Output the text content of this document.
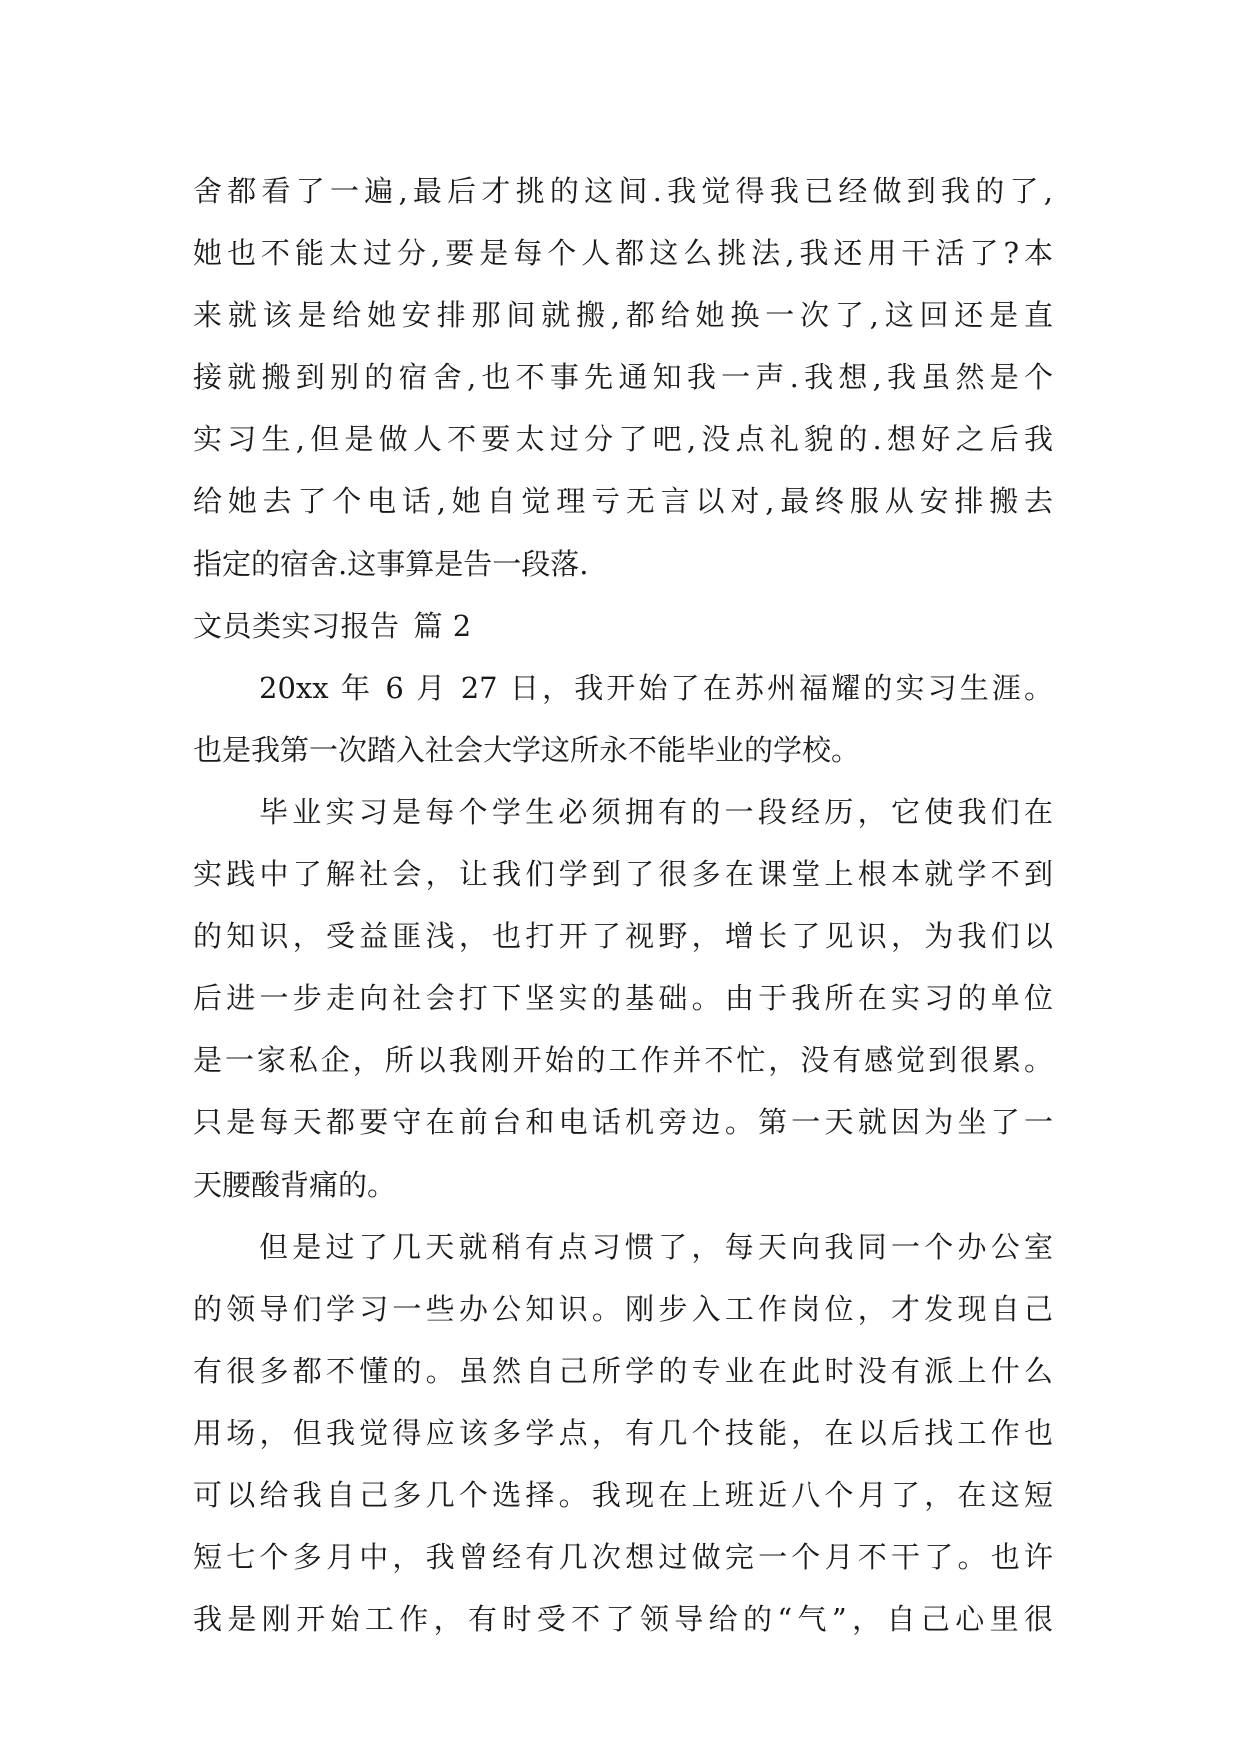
舍都看了一遍,最后才挑的这间.我觉得我已经做到我的了,
她也不能太过分,要是每个人都这么挑法,我还用干活了?本
来就该是给她安排那间就搬,都给她换一次了,这回还是直
接就搬到别的宿舍,也不事先通知我一声.我想,我虽然是个
实习生,但是做人不要太过分了吧,没点礼貌的.想好之后我
给她去了个电话,她自觉理亏无言以对,最终服从安排搬去
指定的宿舍.这事算是告一段落.
文员类实习报告 篇 2
20xx 年 6 月 27 日，我开始了在苏州福耀的实习生涯。
也是我第一次踏入社会大学这所永不能毕业的学校。
毕业实习是每个学生必须拥有的一段经历，它使我们在
实践中了解社会，让我们学到了很多在课堂上根本就学不到
的知识，受益匪浅，也打开了视野，增长了见识，为我们以
后进一步走向社会打下坚实的基础。由于我所在实习的单位
是一家私企，所以我刚开始的工作并不忙，没有感觉到很累。
只是每天都要守在前台和电话机旁边。第一天就因为坐了一
天腰酸背痛的。
但是过了几天就稍有点习惯了，每天向我同一个办公室
的领导们学习一些办公知识。刚步入工作岗位，才发现自己
有很多都不懂的。虽然自己所学的专业在此时没有派上什么
用场，但我觉得应该多学点，有几个技能，在以后找工作也
可以给我自己多几个选择。我现在上班近八个月了，在这短
短七个多月中，我曾经有几次想过做完一个月不干了。也许
我是刚开始工作，有时受不了领导给的“气”，自己心里很
